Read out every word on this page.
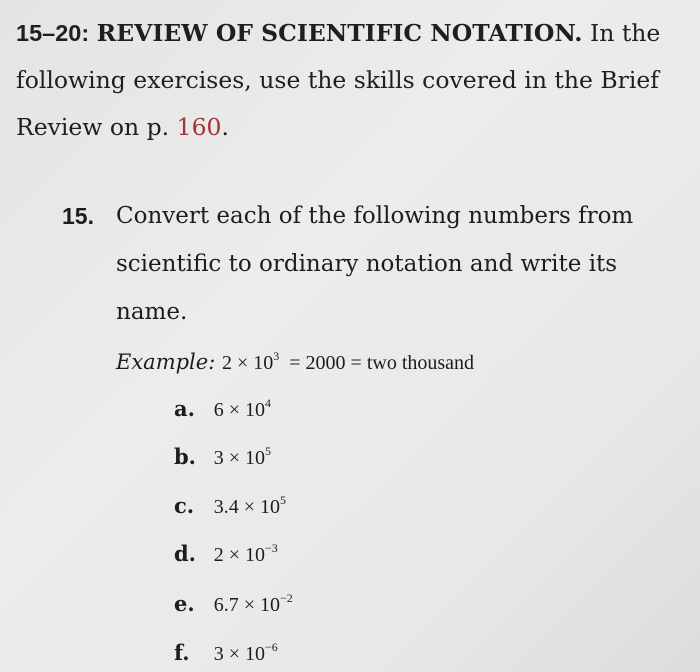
15–20: REVIEW OF SCIENTIFIC NOTATION. In the following exercises, use the skills covered in the Brief Review on p. 160.
15. Convert each of the following numbers from scientific to ordinary notation and write its name.
Example: $2 \times 10^3 = 2000$ = two thousand
a. $6 \times 10^4$
b. $3 \times 10^5$
c. $3.4 \times 10^5$
d. $2 \times 10^{-3}$
e. $6.7 \times 10^{-2}$
f. $3 \times 10^{-6}$
